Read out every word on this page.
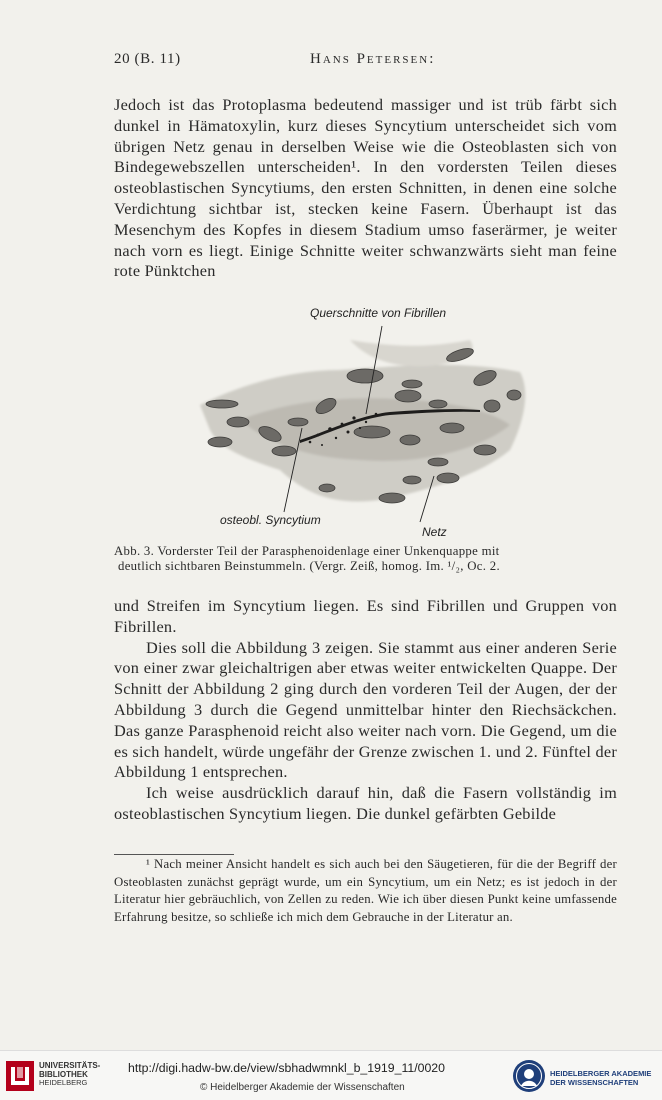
20 (B. 11)	Hans Petersen:

Jedoch ist das Protoplasma bedeutend massiger und ist trüb färbt sich dunkel in Hämatoxylin, kurz dieses Syncytium unterscheidet sich vom übrigen Netz genau in derselben Weise wie die Osteoblasten sich von Bindegewebszellen unterscheiden¹. In den vordersten Teilen dieses osteoblastischen Syncytiums, den ersten Schnitten, in denen eine solche Verdichtung sichtbar ist, stecken keine Fasern. Überhaupt ist das Mesenchym des Kopfes in diesem Stadium umso faserärmer, je weiter nach vorn es liegt. Einige Schnitte weiter schwanzwärts sieht man feine rote Pünktchen

Querschnitte von Fibrillen
osteobl. Syncytium
Netz
Abb. 3. Vorderster Teil der Parasphenoidenlage einer Unkenquappe mit

deutlich sichtbaren Beinstummeln. (Vergr. Zeiß, homog. Im. ¹/₂, Oc. 2.

und Streifen im Syncytium liegen. Es sind Fibrillen und Gruppen von Fibrillen.

Dies soll die Abbildung 3 zeigen. Sie stammt aus einer anderen Serie von einer zwar gleichaltrigen aber etwas weiter entwickelten Quappe. Der Schnitt der Abbildung 2 ging durch den vorderen Teil der Augen, der der Abbildung 3 durch die Gegend unmittelbar hinter den Riechsäckchen. Das ganze Parasphenoid reicht also weiter nach vorn. Die Gegend, um die es sich handelt, würde ungefähr der Grenze zwischen 1. und 2. Fünftel der Abbildung 1 entsprechen.

Ich weise ausdrücklich darauf hin, daß die Fasern vollständig im osteoblastischen Syncytium liegen. Die dunkel gefärbten Gebilde

¹ Nach meiner Ansicht handelt es sich auch bei den Säugetieren, für die der Begriff der Osteoblasten zunächst geprägt wurde, um ein Syncytium, um ein Netz; es ist jedoch in der Literatur hier gebräuchlich, von Zellen zu reden. Wie ich über diesen Punkt keine umfassende Erfahrung besitze, so schließe ich mich dem Gebrauche in der Literatur an.

UNIVERSITÄTS-
BIBLIOTHEK
HEIDELBERG
http://digi.hadw-bw.de/view/sbhadwmnkl_b_1919_11/0020
© Heidelberger Akademie der Wissenschaften
HEIDELBERGER AKADEMIE
DER WISSENSCHAFTEN
